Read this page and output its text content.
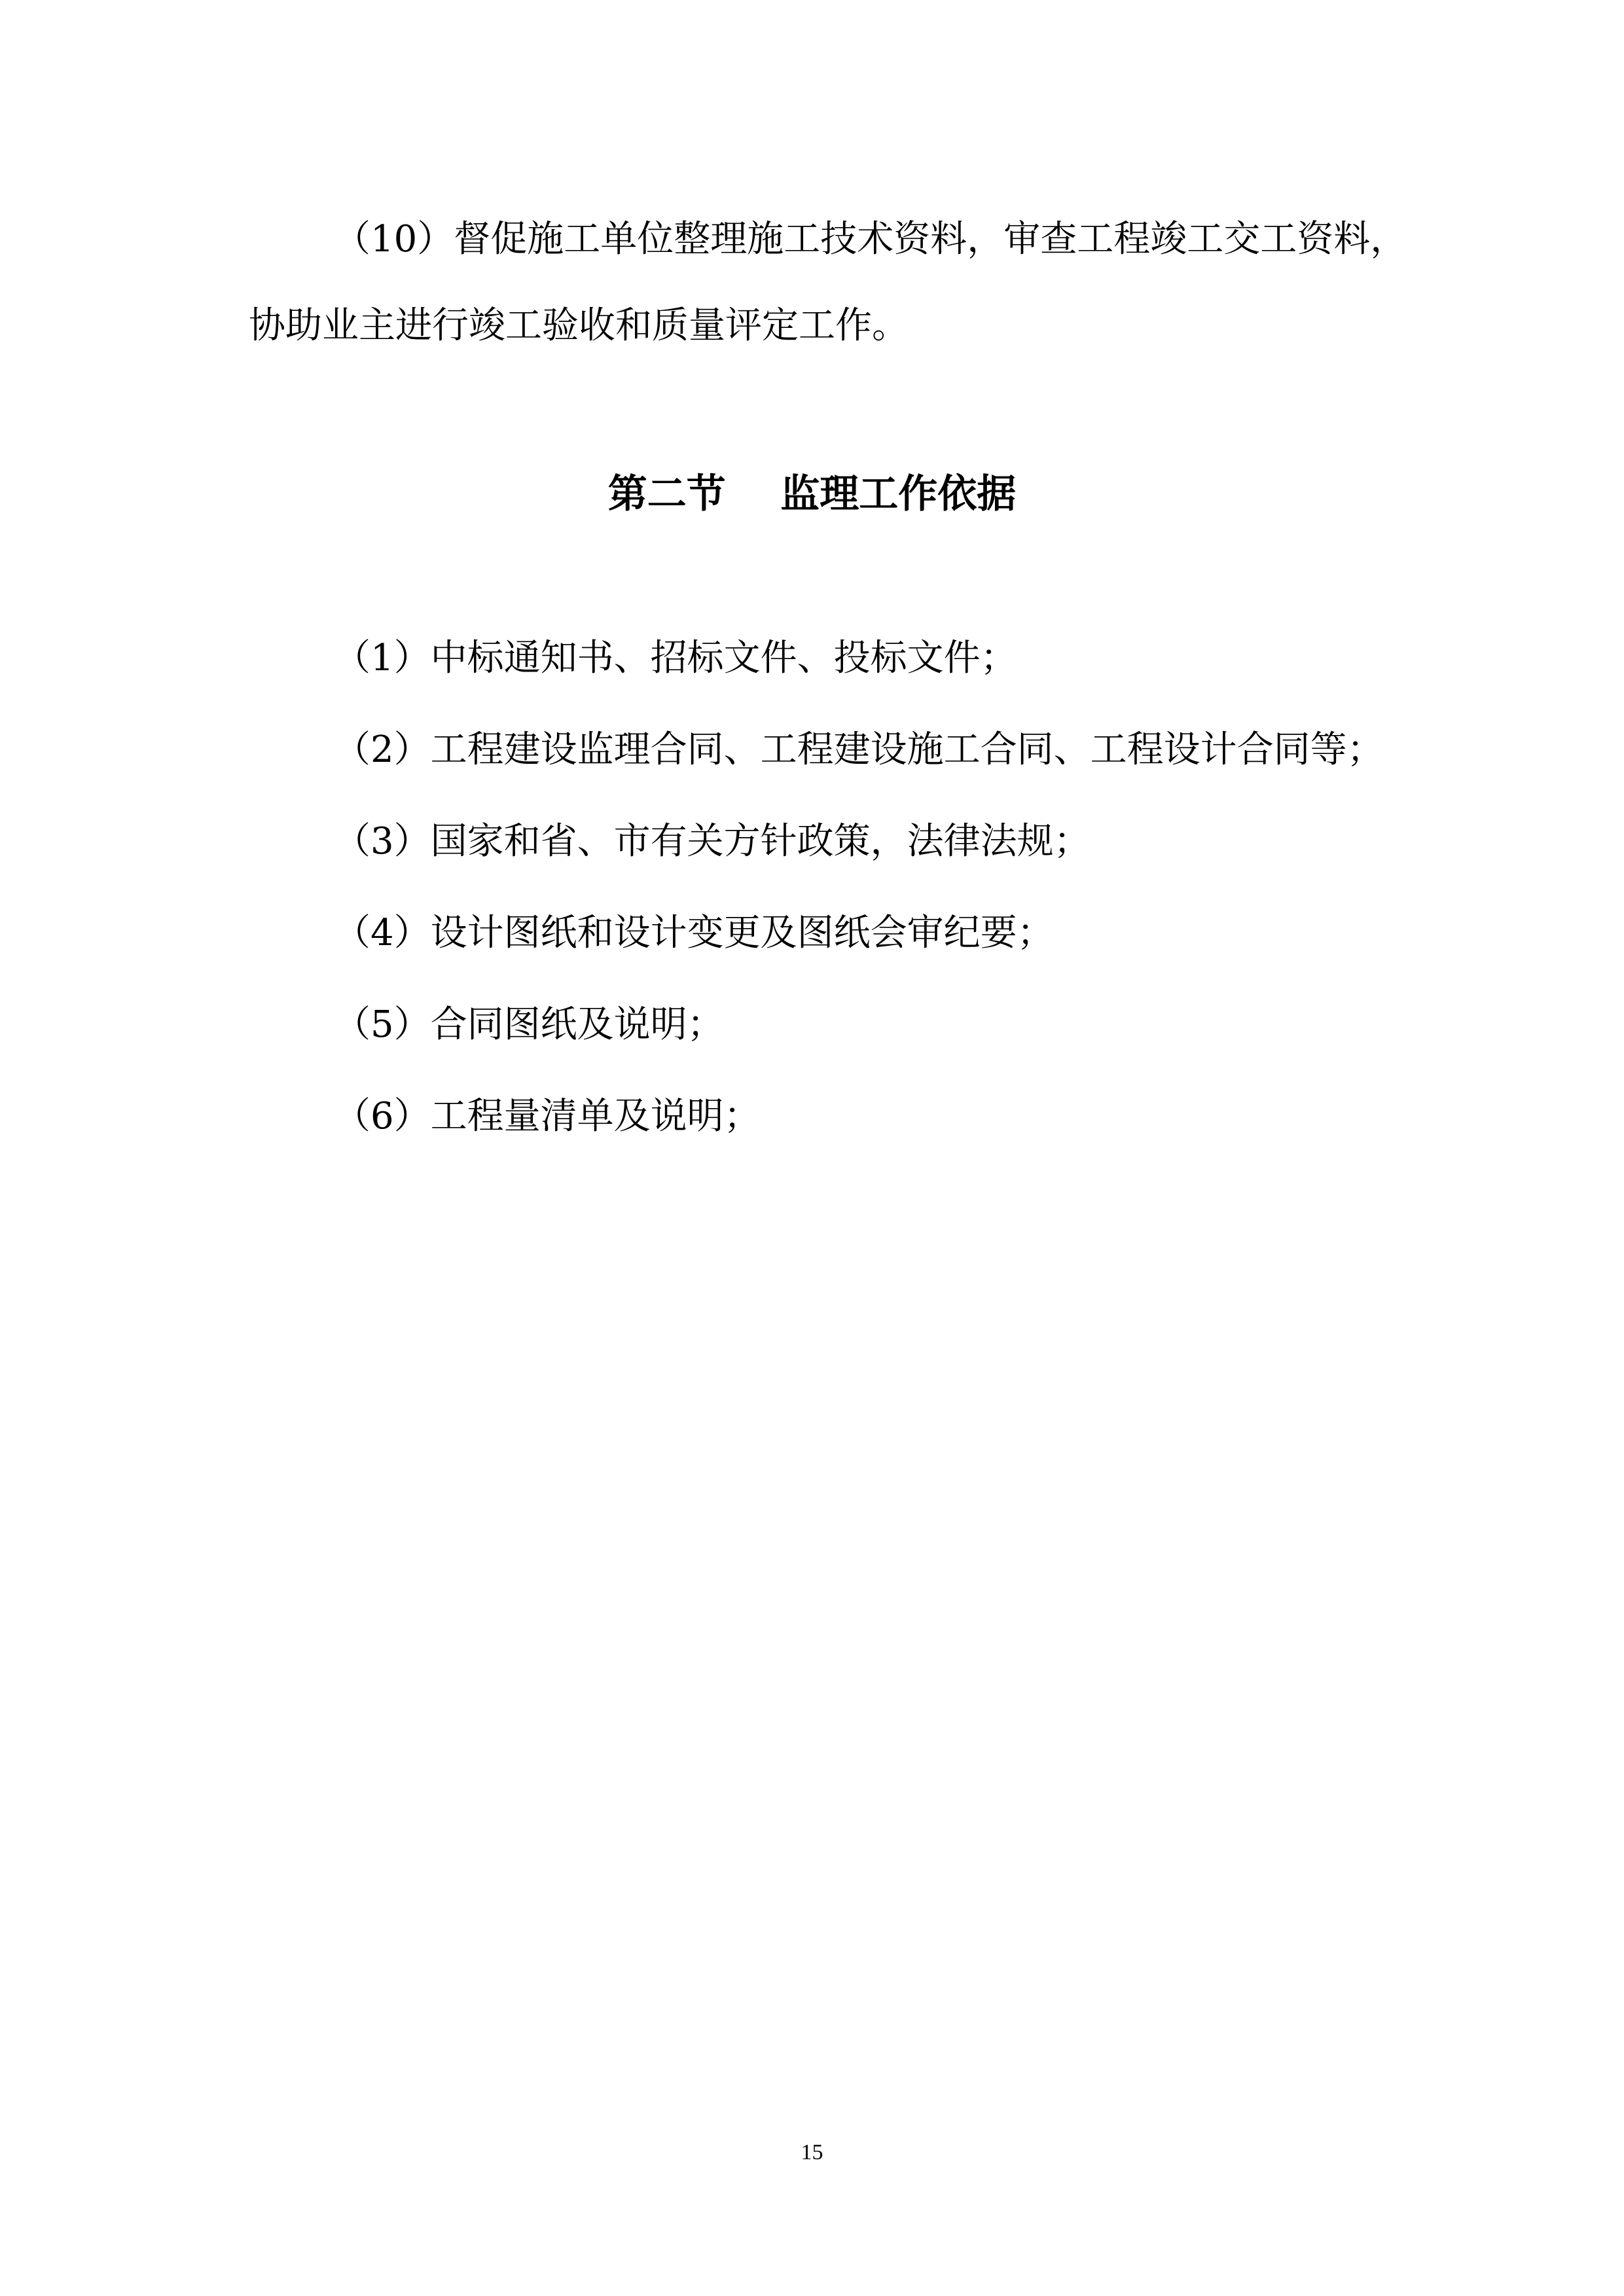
（10）督促施工单位整理施工技术资料，审查工程竣工交工资料，
协助业主进行竣工验收和质量评定工作。
第二节    监理工作依据
（1）中标通知书、招标文件、投标文件；
（2）工程建设监理合同、工程建设施工合同、工程设计合同等；
（3）国家和省、市有关方针政策，法律法规；
（4）设计图纸和设计变更及图纸会审纪要；
（5）合同图纸及说明；
（6）工程量清单及说明；
15
